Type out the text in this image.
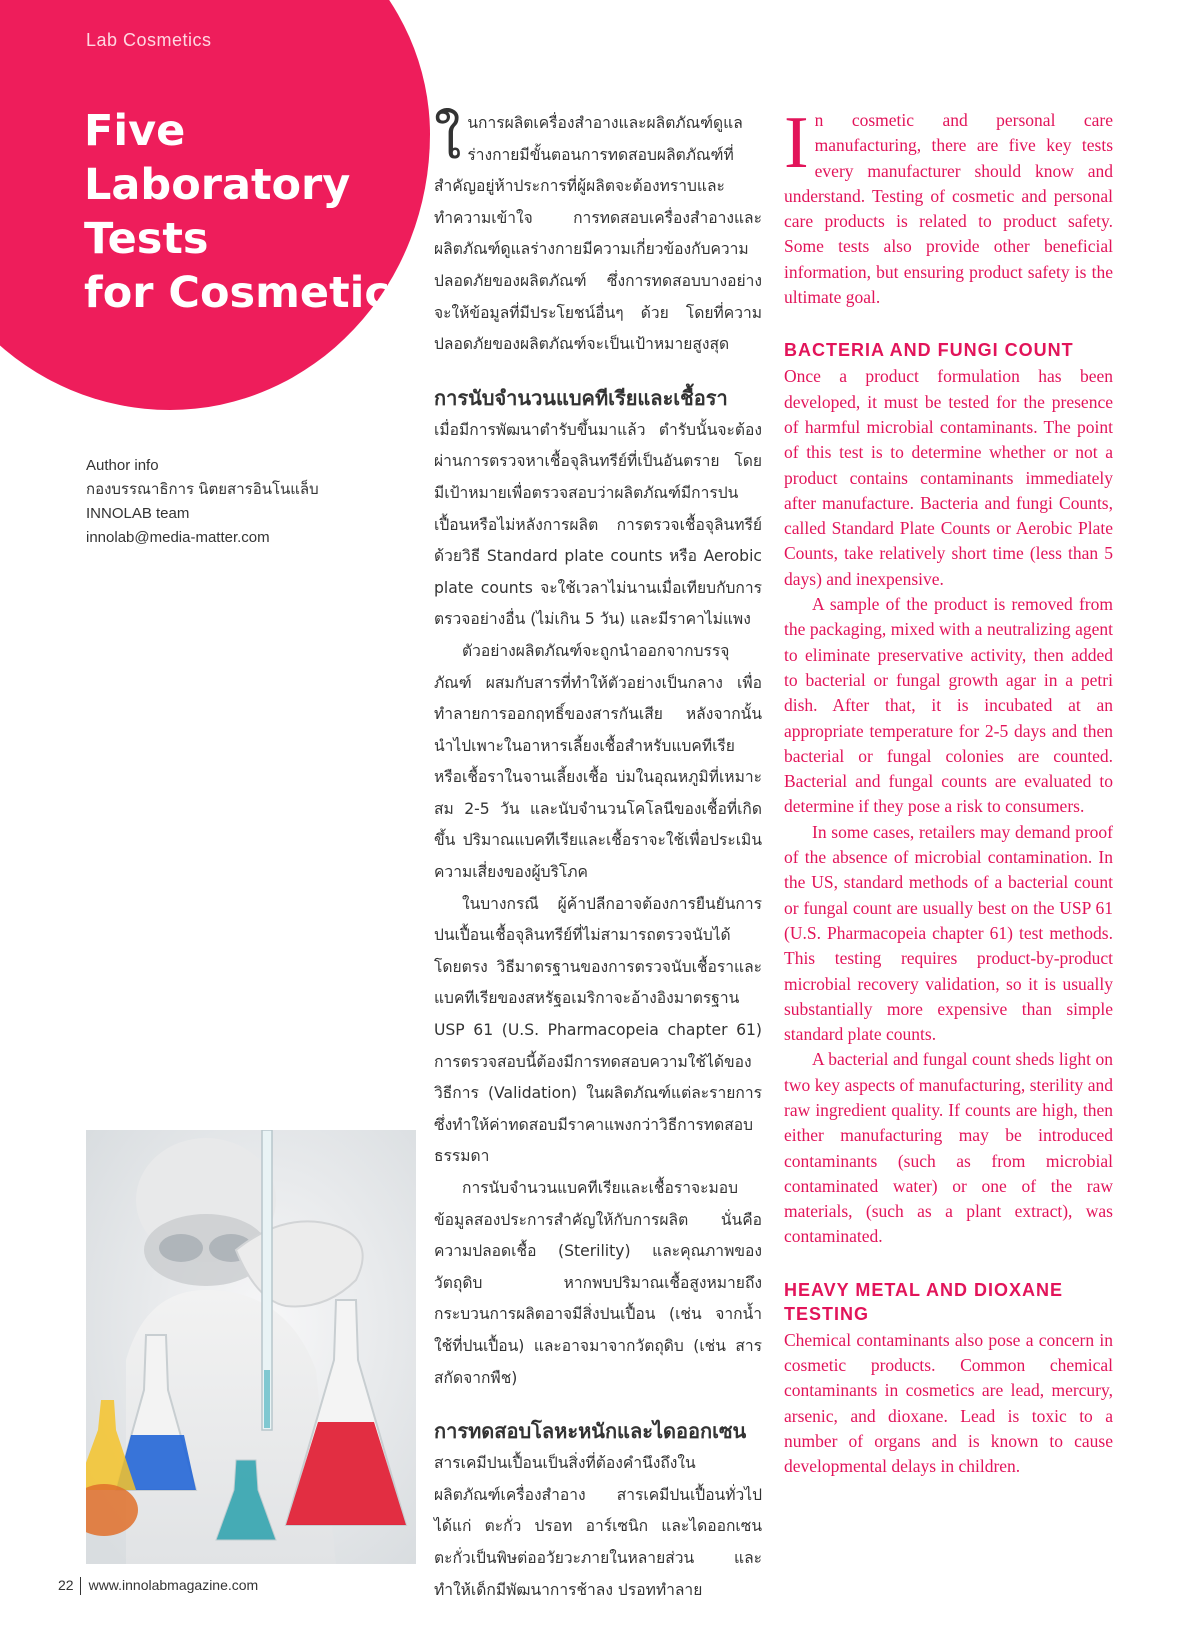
Lab Cosmetics
Five
Laboratory
Tests
for Cosmetics
Author info
กองบรรณาธิการ นิตยสารอินโนแล็บ
INNOLAB team
innolab@media-matter.com

ในการผลิตเครื่องสำอางและผลิตภัณฑ์ดูแลร่างกายมีขั้นตอนการทดสอบผลิตภัณฑ์ที่สำคัญอยู่ห้าประการที่ผู้ผลิตจะต้องทราบและทำความเข้าใจ การทดสอบเครื่องสำอางและผลิตภัณฑ์ดูแลร่างกายมีความเกี่ยวข้องกับความปลอดภัยของผลิตภัณฑ์ ซึ่งการทดสอบบางอย่างจะให้ข้อมูลที่มีประโยชน์อื่นๆ ด้วย โดยที่ความปลอดภัยของผลิตภัณฑ์จะเป็นเป้าหมายสูงสุด

การนับจำนวนแบคทีเรียและเชื้อรา

เมื่อมีการพัฒนาตำรับขึ้นมาแล้ว ตำรับนั้นจะต้องผ่านการตรวจหาเชื้อจุลินทรีย์ที่เป็นอันตราย โดยมีเป้าหมายเพื่อตรวจสอบว่าผลิตภัณฑ์มีการปนเปื้อนหรือไม่หลังการผลิต การตรวจเชื้อจุลินทรีย์ด้วยวิธี Standard plate counts หรือ Aerobic plate counts จะใช้เวลาไม่นานเมื่อเทียบกับการตรวจอย่างอื่น (ไม่เกิน 5 วัน) และมีราคาไม่แพง

ตัวอย่างผลิตภัณฑ์จะถูกนำออกจากบรรจุภัณฑ์ ผสมกับสารที่ทำให้ตัวอย่างเป็นกลาง เพื่อทำลายการออกฤทธิ์ของสารกันเสีย หลังจากนั้นนำไปเพาะในอาหารเลี้ยงเชื้อสำหรับแบคทีเรียหรือเชื้อราในจานเลี้ยงเชื้อ บ่มในอุณหภูมิที่เหมาะสม 2-5 วัน และนับจำนวนโคโลนีของเชื้อที่เกิดขึ้น ปริมาณแบคทีเรียและเชื้อราจะใช้เพื่อประเมินความเสี่ยงของผู้บริโภค

ในบางกรณี ผู้ค้าปลีกอาจต้องการยืนยันการปนเปื้อนเชื้อจุลินทรีย์ที่ไม่สามารถตรวจนับได้โดยตรง วิธีมาตรฐานของการตรวจนับเชื้อราและแบคทีเรียของสหรัฐอเมริกาจะอ้างอิงมาตรฐาน USP 61 (U.S. Pharmacopeia chapter 61) การตรวจสอบนี้ต้องมีการทดสอบความใช้ได้ของวิธีการ (Validation) ในผลิตภัณฑ์แต่ละรายการ ซึ่งทำให้ค่าทดสอบมีราคาแพงกว่าวิธีการทดสอบธรรมดา

การนับจำนวนแบคทีเรียและเชื้อราจะมอบข้อมูลสองประการสำคัญให้กับการผลิต นั่นคือความปลอดเชื้อ (Sterility) และคุณภาพของวัตถุดิบ หากพบปริมาณเชื้อสูงหมายถึงกระบวนการผลิตอาจมีสิ่งปนเปื้อน (เช่น จากน้ำใช้ที่ปนเปื้อน) และอาจมาจากวัตถุดิบ (เช่น สารสกัดจากพืช)

การทดสอบโลหะหนักและไดออกเซน

สารเคมีปนเปื้อนเป็นสิ่งที่ต้องคำนึงถึงในผลิตภัณฑ์เครื่องสำอาง สารเคมีปนเปื้อนทั่วไปได้แก่ ตะกั่ว ปรอท อาร์เซนิก และไดออกเซน ตะกั่วเป็นพิษต่ออวัยวะภายในหลายส่วน และทำให้เด็กมีพัฒนาการช้าลง ปรอททำลาย

In cosmetic and personal care manufacturing, there are five key tests every manufacturer should know and understand. Testing of cosmetic and personal care products is related to product safety. Some tests also provide other beneficial information, but ensuring product safety is the ultimate goal.

BACTERIA AND FUNGI COUNT

Once a product formulation has been developed, it must be tested for the presence of harmful microbial contaminants. The point of this test is to determine whether or not a product contains contaminants immediately after manufacture. Bacteria and fungi Counts, called Standard Plate Counts or Aerobic Plate Counts, take relatively short time (less than 5 days) and inexpensive.

A sample of the product is removed from the packaging, mixed with a neutralizing agent to eliminate preservative activity, then added to bacterial or fungal growth agar in a petri dish. After that, it is incubated at an appropriate temperature for 2-5 days and then bacterial or fungal colonies are counted. Bacterial and fungal counts are evaluated to determine if they pose a risk to consumers.

In some cases, retailers may demand proof of the absence of microbial contamination. In the US, standard methods of a bacterial count or fungal count are usually best on the USP 61 (U.S. Pharmacopeia chapter 61) test methods. This testing requires product-by-product microbial recovery validation, so it is usually substantially more expensive than simple standard plate counts.

A bacterial and fungal count sheds light on two key aspects of manufacturing, sterility and raw ingredient quality. If counts are high, then either manufacturing may be introduced contaminants (such as from microbial contaminated water) or one of the raw materials, (such as a plant extract), was contaminated.

HEAVY METAL AND DIOXANE TESTING

Chemical contaminants also pose a concern in cosmetic products. Common chemical contaminants in cosmetics are lead, mercury, arsenic, and dioxane. Lead is toxic to a number of organs and is known to cause developmental delays in children.

22 www.innolabmagazine.com
